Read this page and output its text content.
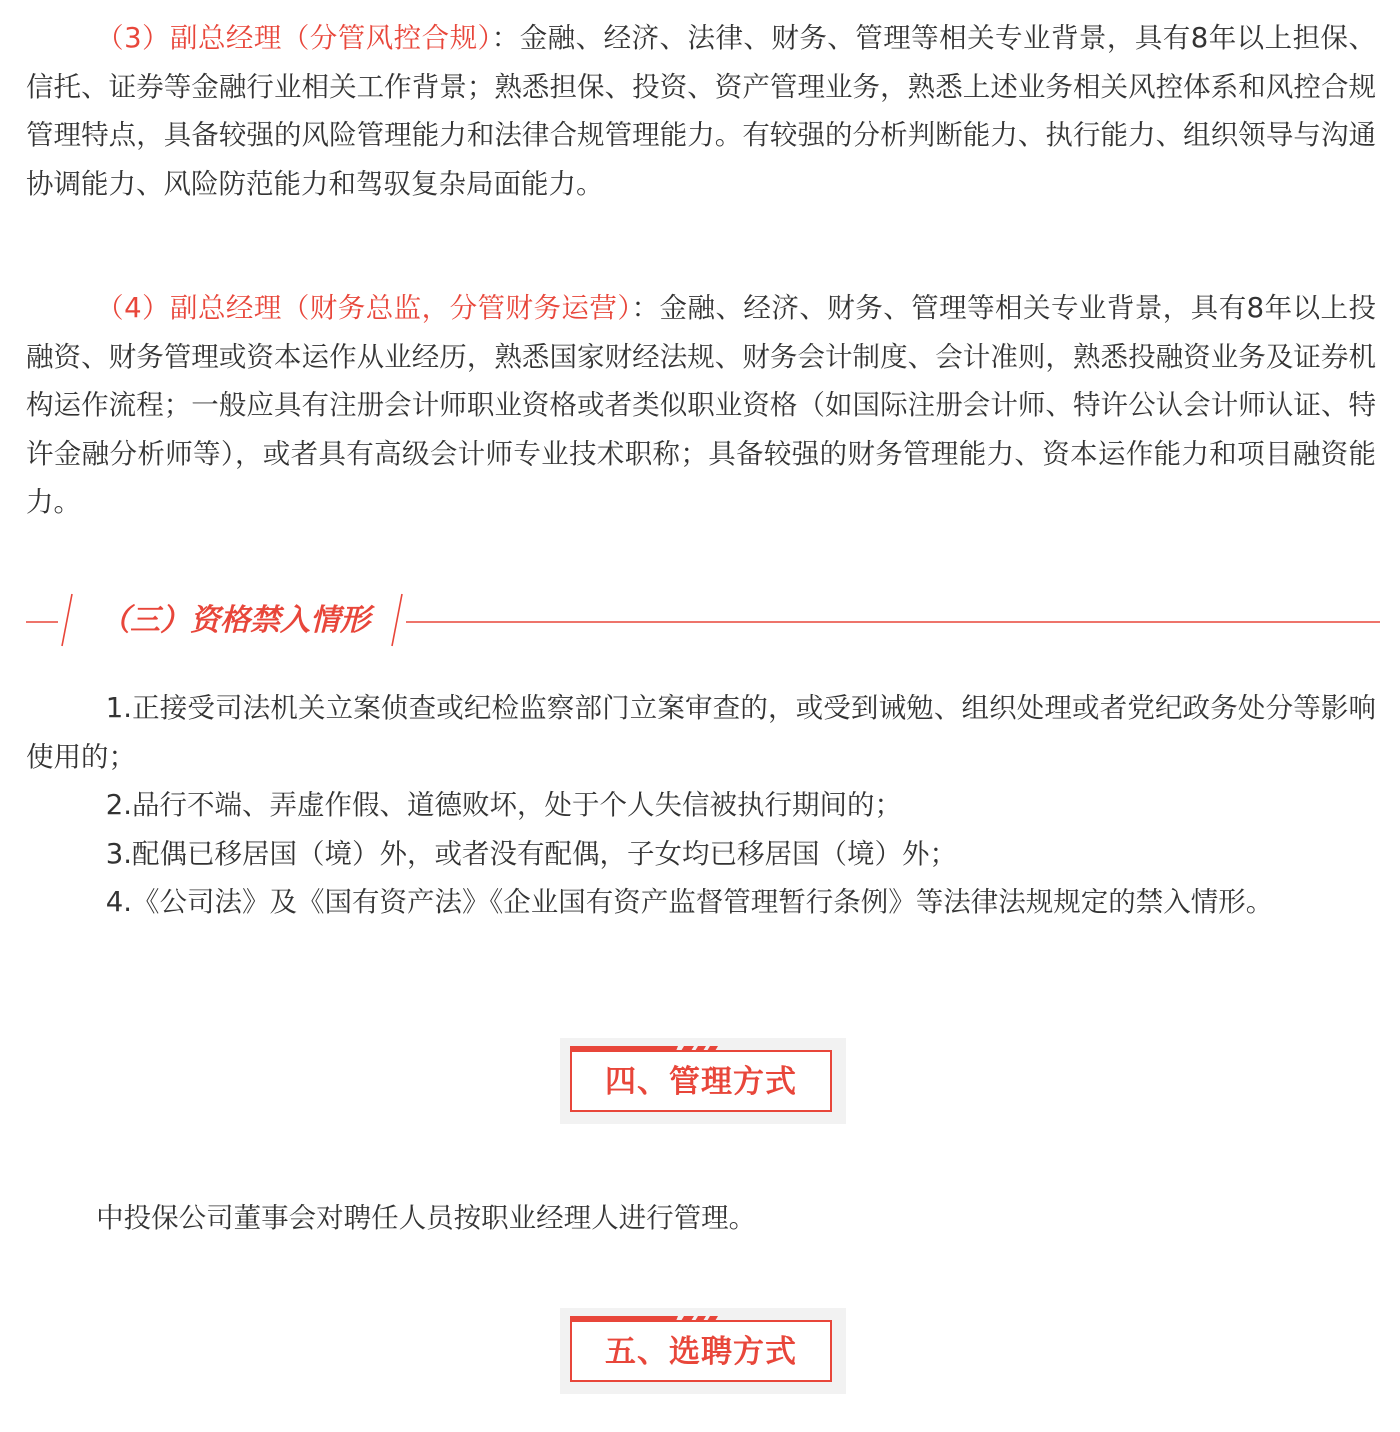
（3）副总经理（分管风控合规）：金融、经济、法律、财务、管理等相关专业背景，具有8年以上担保、信托、证券等金融行业相关工作背景；熟悉担保、投资、资产管理业务，熟悉上述业务相关风控体系和风控合规管理特点，具备较强的风险管理能力和法律合规管理能力。有较强的分析判断能力、执行能力、组织领导与沟通协调能力、风险防范能力和驾驭复杂局面能力。
（4）副总经理（财务总监，分管财务运营）：金融、经济、财务、管理等相关专业背景，具有8年以上投融资、财务管理或资本运作从业经历，熟悉国家财经法规、财务会计制度、会计准则，熟悉投融资业务及证券机构运作流程；一般应具有注册会计师职业资格或者类似职业资格（如国际注册会计师、特许公认会计师认证、特许金融分析师等），或者具有高级会计师专业技术职称；具备较强的财务管理能力、资本运作能力和项目融资能力。
（三）资格禁入情形
1.正接受司法机关立案侦查或纪检监察部门立案审查的，或受到诫勉、组织处理或者党纪政务处分等影响使用的；
2.品行不端、弄虚作假、道德败坏，处于个人失信被执行期间的；
3.配偶已移居国（境）外，或者没有配偶，子女均已移居国（境）外；
4.《公司法》及《国有资产法》《企业国有资产监督管理暂行条例》等法律法规规定的禁入情形。
四、管理方式
中投保公司董事会对聘任人员按职业经理人进行管理。
五、选聘方式
